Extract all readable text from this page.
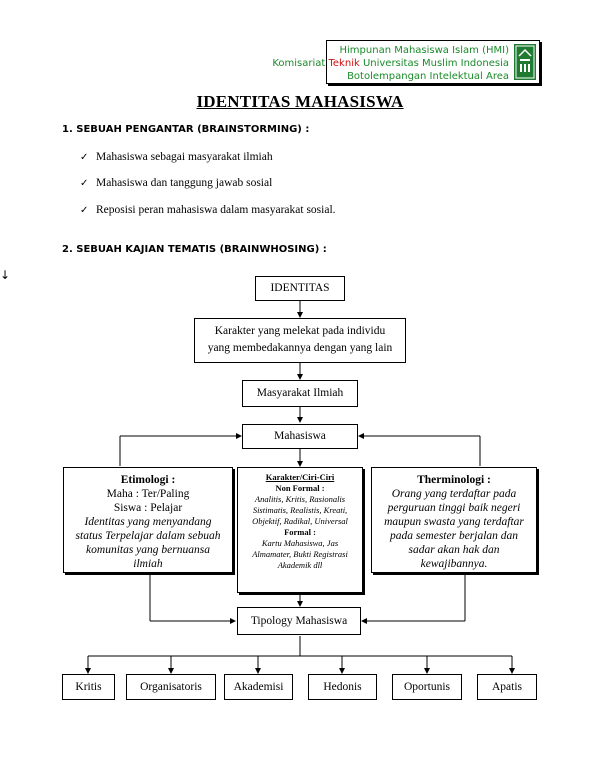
Himpunan Mahasiswa Islam (HMI)
Komisariat Teknik Universitas Muslim Indonesia
Botolempangan Intelektual Area
IDENTITAS MAHASISWA
1. SEBUAH PENGANTAR (BRAINSTORMING) :
✓ Mahasiswa sebagai masyarakat ilmiah
✓ Mahasiswa dan tanggung jawab sosial
✓ Reposisi peran mahasiswa dalam masyarakat sosial.
2. SEBUAH KAJIAN TEMATIS (BRAINWHOSING) :
↓
IDENTITAS
Karakter yang melekat pada individu
yang membedakannya dengan yang lain
Masyarakat Ilmiah
Mahasiswa
Etimologi :
Maha : Ter/Paling
Siswa : Pelajar
Identitas yang menyandang status Terpelajar dalam sebuah komunitas yang bernuansa ilmiah
Karakter/Ciri-Ciri
Non Formal :
Analitis, Kritis, Rasionalis Sistimatis, Realistis, Kreati, Objektif, Radikal, Universal
Formal :
Kartu Mahasiswa, Jas Almamater, Bukti Registrasi Akademik dll
Therminologi :
Orang yang terdaftar pada perguruan tinggi baik negeri maupun swasta yang terdaftar pada semester berjalan dan sadar akan hak dan kewajibannya.
Tipology Mahasiswa
Kritis	Organisatoris	Akademisi	Hedonis	Oportunis	Apatis
